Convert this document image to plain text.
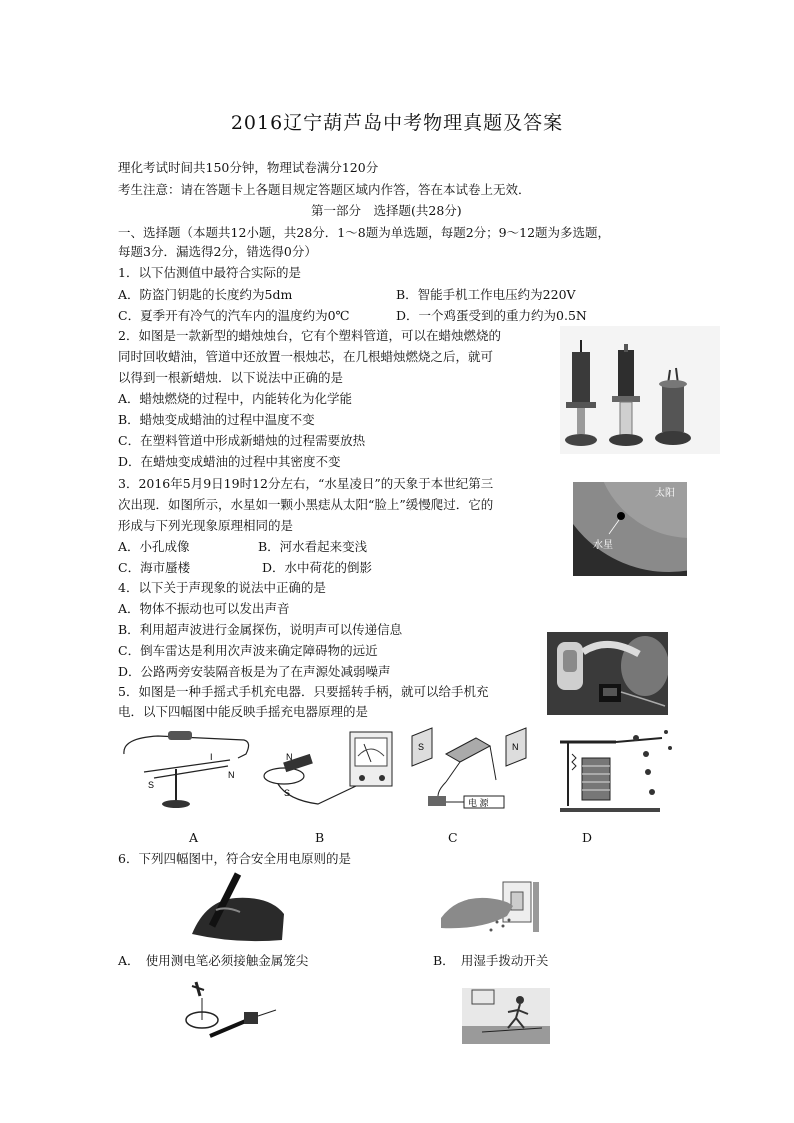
2016辽宁葫芦岛中考物理真题及答案
理化考试时间共150分钟，物理试卷满分120分
考生注意：请在答题卡上各题目规定答题区域内作答，答在本试卷上无效．
第一部分　选择题(共28分)
一、选择题（本题共12小题，共28分．1～8题为单选题，每题2分；9～12题为多选题，
每题3分．漏选得2分，错选得0分）
1．以下估测值中最符合实际的是
A．防盗门钥匙的长度约为5dm	B．智能手机工作电压约为220V
C．夏季开有冷气的汽车内的温度约为0℃	D．一个鸡蛋受到的重力约为0.5N
2．如图是一款新型的蜡烛烛台，它有个塑料管道，可以在蜡烛燃烧的
同时回收蜡油，管道中还放置一根烛芯，在几根蜡烛燃烧之后，就可
以得到一根新蜡烛．以下说法中正确的是
A．蜡烛燃烧的过程中，内能转化为化学能
B．蜡烛变成蜡油的过程中温度不变
C．在塑料管道中形成新蜡烛的过程需要放热
D．在蜡烛变成蜡油的过程中其密度不变
3．2016年5月9日19时12分左右，“水星凌日”的天象于本世纪第三
次出现．如图所示，水星如一颗小黑痣从太阳“脸上”缓慢爬过．它的
形成与下列光现象原理相同的是
A．小孔成像	B．河水看起来变浅
C．海市蜃楼	D．水中荷花的倒影
太阳
水星
4．以下关于声现象的说法中正确的是
A．物体不振动也可以发出声音
B．利用超声波进行金属探伤，说明声可以传递信息
C．倒车雷达是利用次声波来确定障碍物的远近
D．公路两旁安装隔音板是为了在声源处减弱噪声
5．如图是一种手摇式手机充电器．只要摇转手柄，就可以给手机充
电．以下四幅图中能反映手摇充电器原理的是
I
S
N
N
S
S	N
电 源
A	B	C	D
6．下列四幅图中，符合安全用电原则的是
A．　使用测电笔必须接触金属笼尖	B．　用湿手拨动开关
